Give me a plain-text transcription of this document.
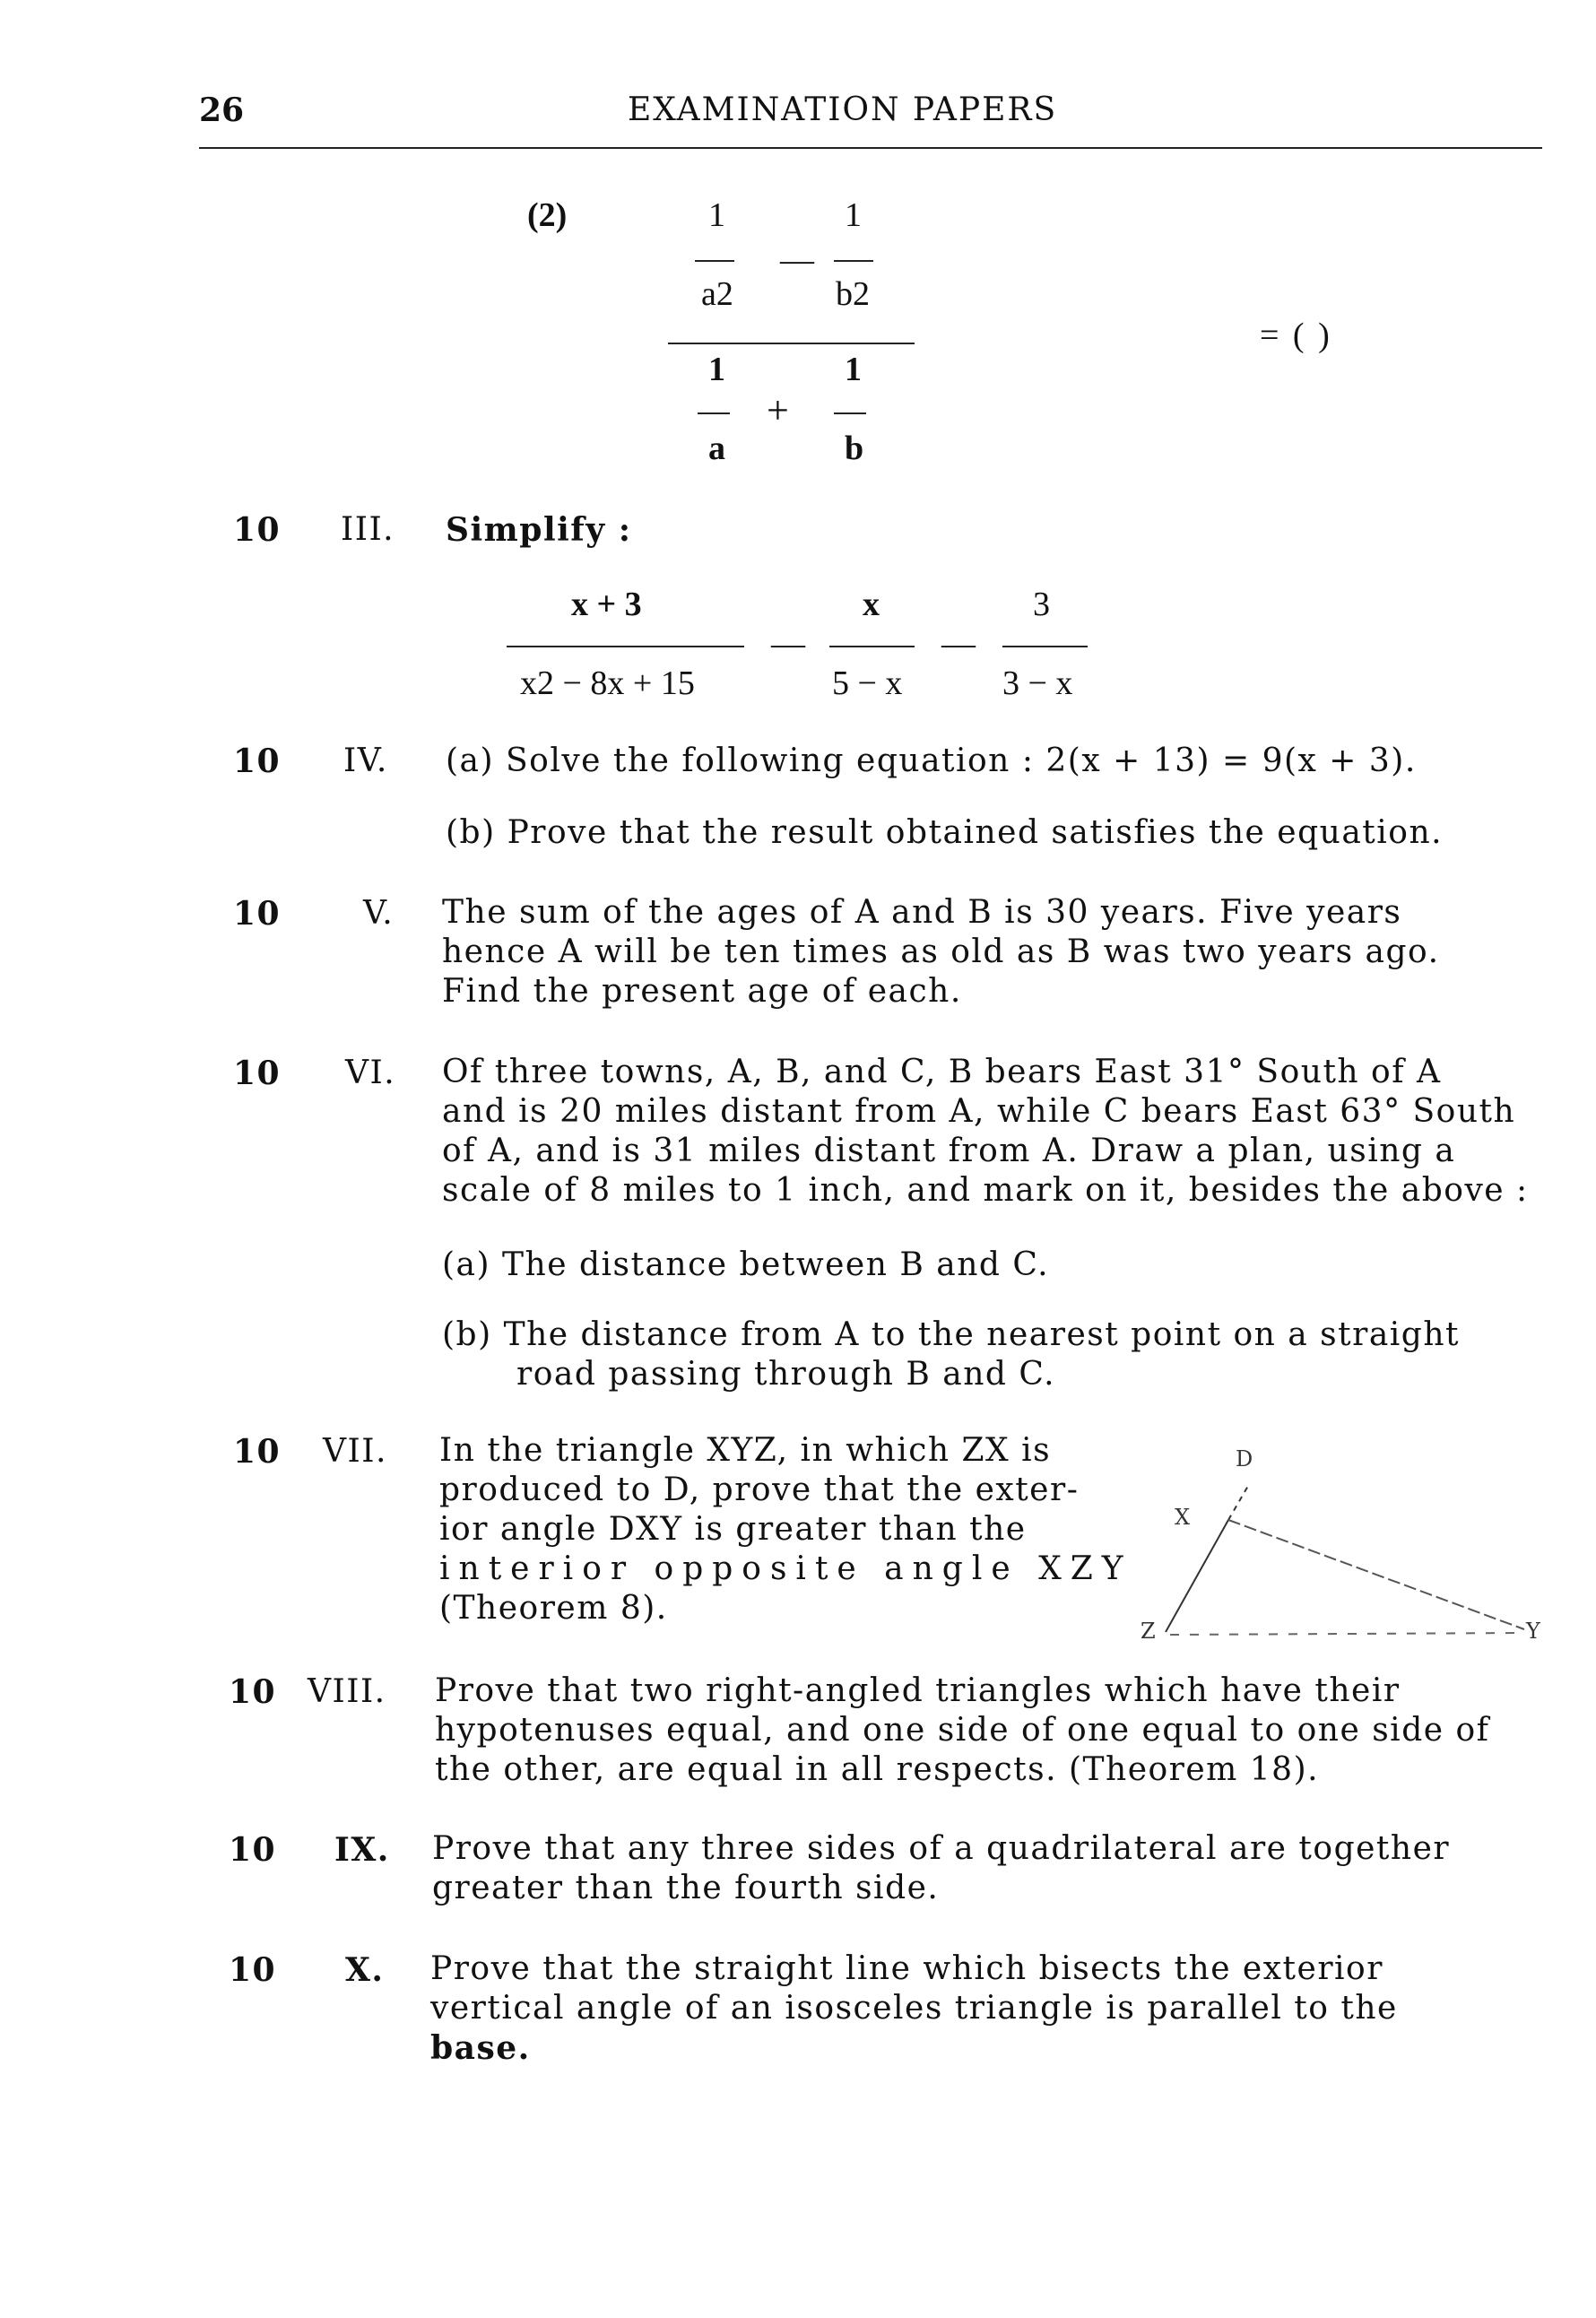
26	EXAMINATION PAPERS
(2)	1
a2
—
1
b2
1
a
+
1
b
= ( )
10 III. Simplify :
x + 3
x2 − 8x + 15
—
x
5 − x
—
3
3 − x
10 IV. (a) Solve the following equation : 2(x + 13) = 9(x + 3).
(b) Prove that the result obtained satisfies the equation.
10	V. The sum of the ages of A and B is 30 years. Five years
hence A will be ten times as old as B was two years ago.
Find the present age of each.
10 VI. Of three towns, A, B, and C, B bears East 31° South of A
and is 20 miles distant from A, while C bears East 63° South
of A, and is 31 miles distant from A. Draw a plan, using a
scale of 8 miles to 1 inch, and mark on it, besides the above :
(a) The distance between B and C.
(b) The distance from A to the nearest point on a straight
road passing through B and C.
10 VII. In the triangle XYZ, in which ZX is
produced to D, prove that the exter-
ior angle DXY is greater than the
interior opposite angle XZY
(Theorem 8).
D
X
Z	Y
10 VIII. Prove that two right-angled triangles which have their
hypotenuses equal, and one side of one equal to one side of
the other, are equal in all respects. (Theorem 18).
10 IX. Prove that any three sides of a quadrilateral are together
greater than the fourth side.
10 X. Prove that the straight line which bisects the exterior
vertical angle of an isosceles triangle is parallel to the
base.
